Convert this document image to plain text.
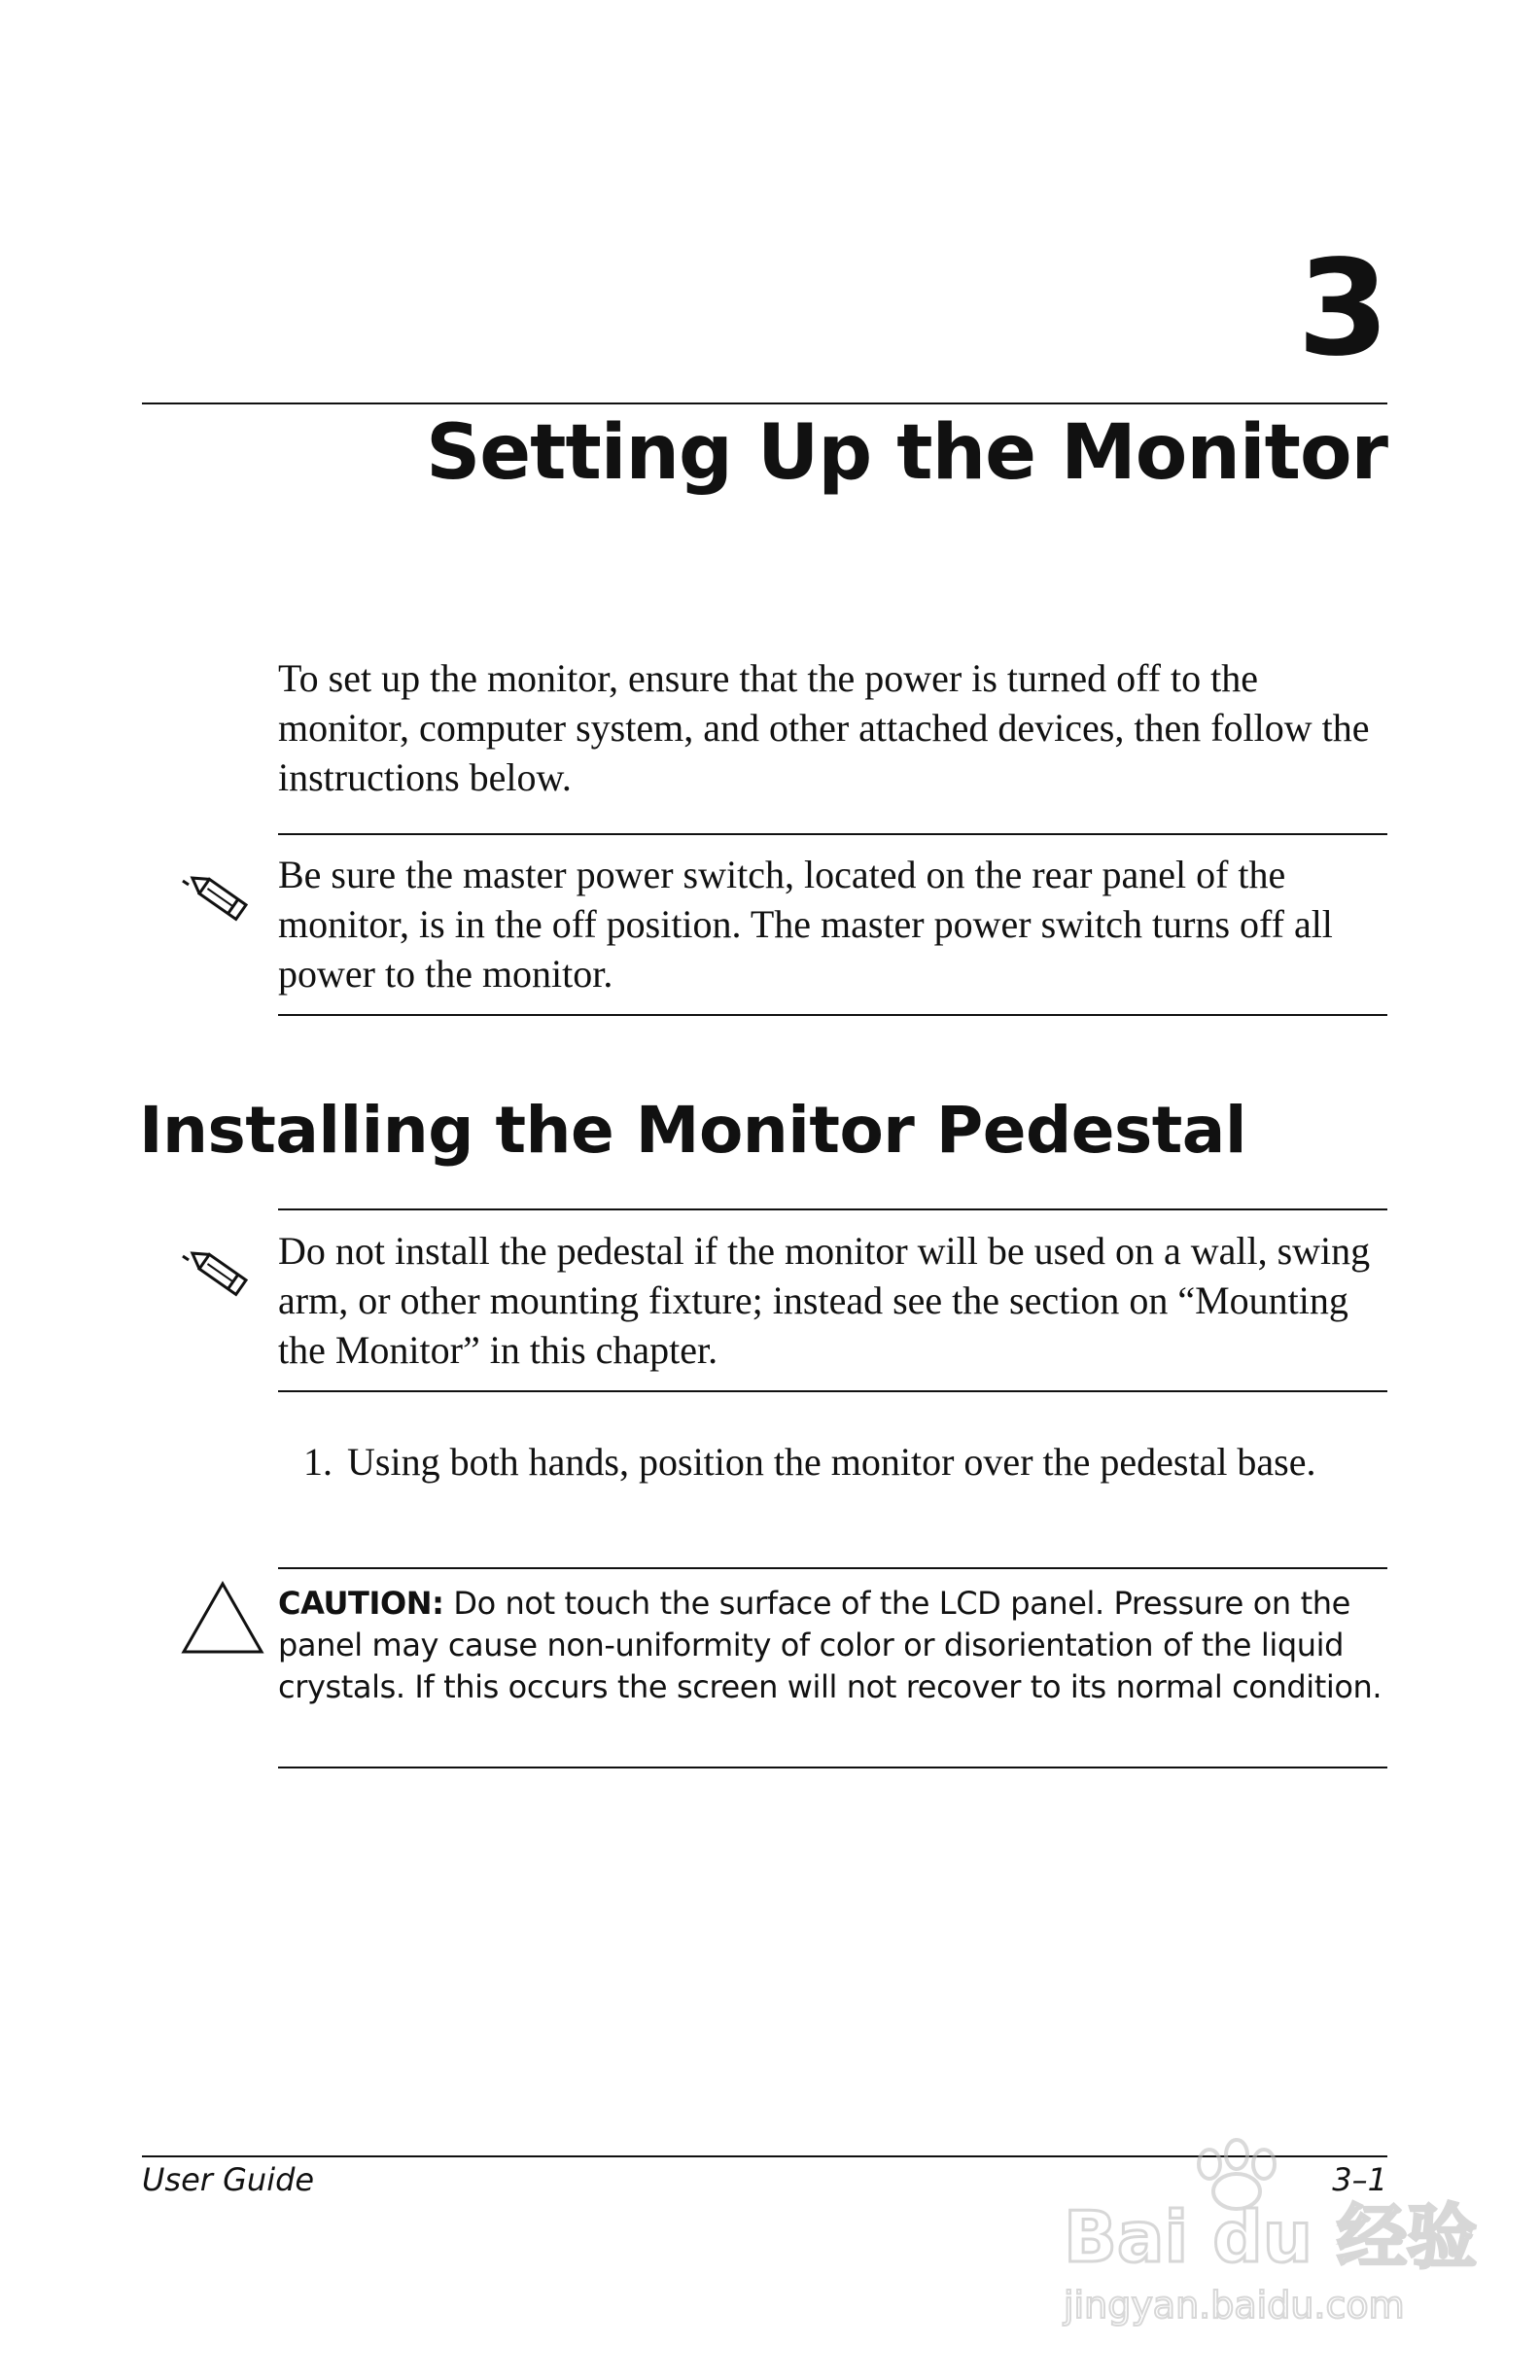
3
Setting Up the Monitor

To set up the monitor, ensure that the power is turned off to the monitor, computer system, and other attached devices, then follow the instructions below.

Be sure the master power switch, located on the rear panel of the monitor, is in the off position. The master power switch turns off all power to the monitor.

Installing the Monitor Pedestal

Do not install the pedestal if the monitor will be used on a wall, swing arm, or other mounting fixture; instead see the section on “Mounting the Monitor” in this chapter.

1. Using both hands, position the monitor over the pedestal base.

CAUTION: Do not touch the surface of the LCD panel. Pressure on the panel may cause non-uniformity of color or disorientation of the liquid crystals. If this occurs the screen will not recover to its normal condition.

User Guide	3–1
Bai du 经验
jingyan.baidu.com
